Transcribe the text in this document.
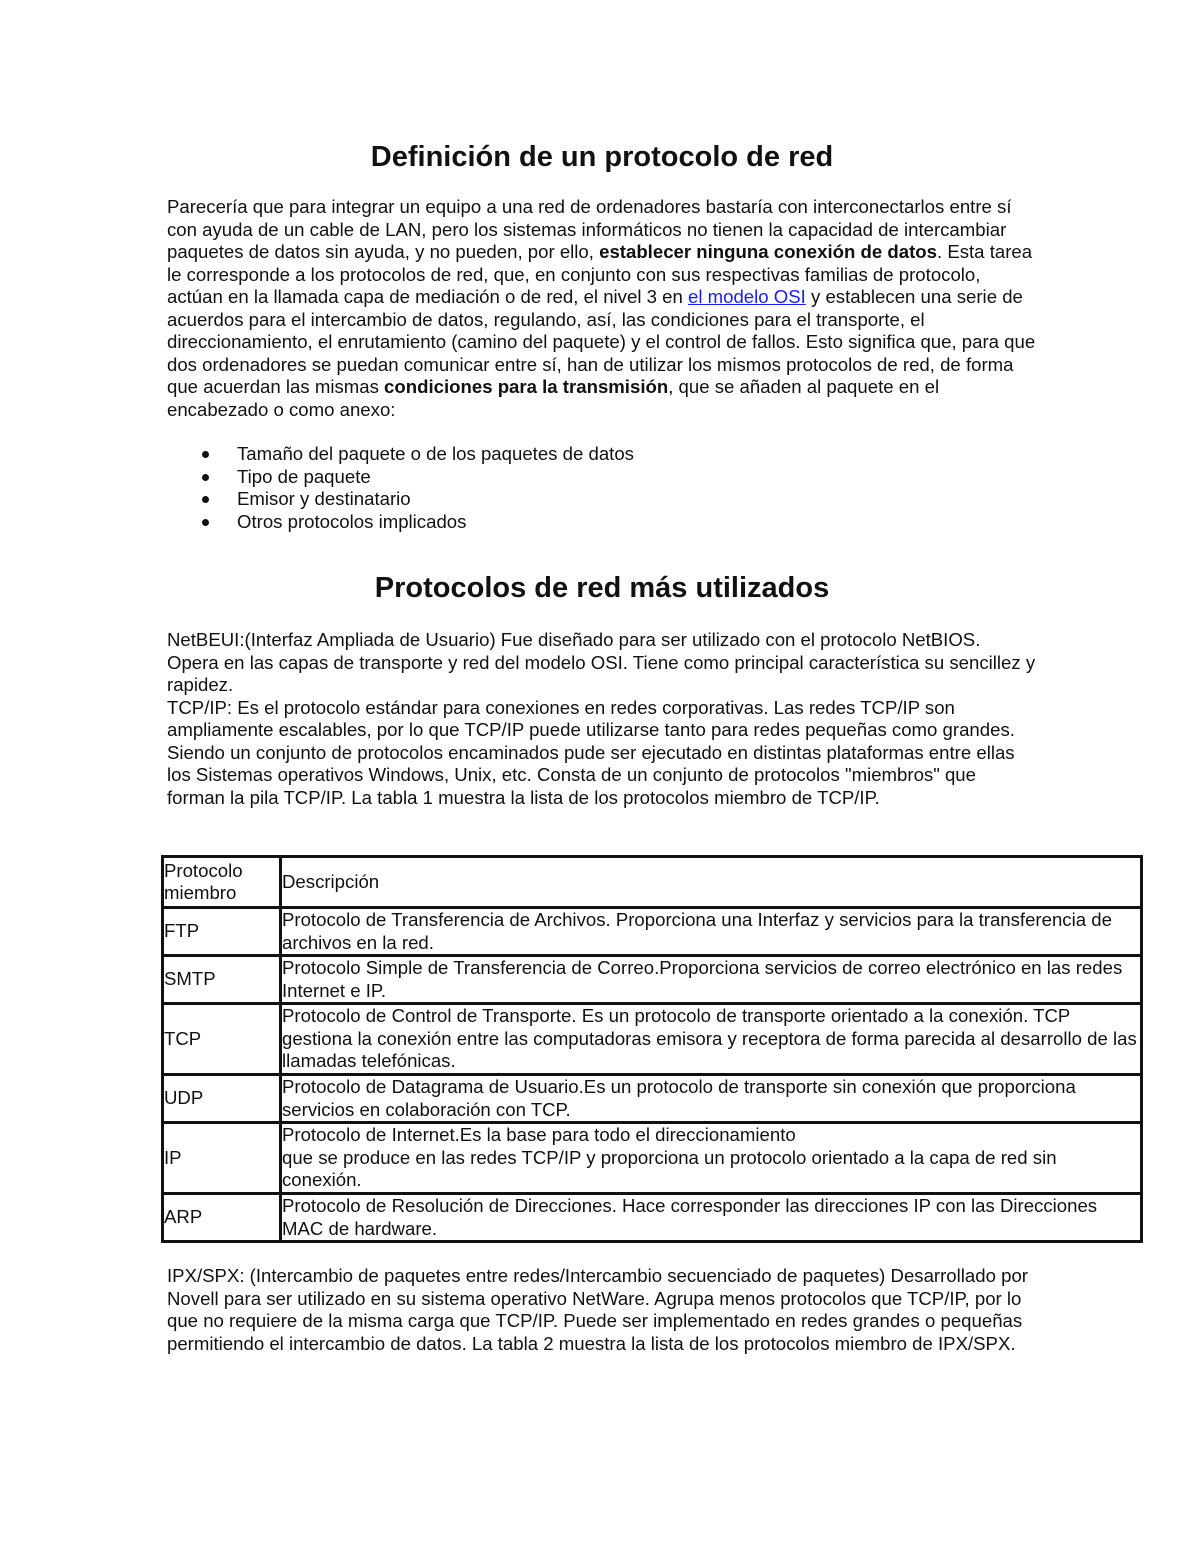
Definición de un protocolo de red

Parecería que para integrar un equipo a una red de ordenadores bastaría con interconectarlos entre sí con ayuda de un cable de LAN, pero los sistemas informáticos no tienen la capacidad de intercambiar paquetes de datos sin ayuda, y no pueden, por ello, establecer ninguna conexión de datos. Esta tarea le corresponde a los protocolos de red, que, en conjunto con sus respectivas familias de protocolo, actúan en la llamada capa de mediación o de red, el nivel 3 en el modelo OSI y establecen una serie de acuerdos para el intercambio de datos, regulando, así, las condiciones para el transporte, el direccionamiento, el enrutamiento (camino del paquete) y el control de fallos. Esto significa que, para que dos ordenadores se puedan comunicar entre sí, han de utilizar los mismos protocolos de red, de forma que acuerdan las mismas condiciones para la transmisión, que se añaden al paquete en el encabezado o como anexo:

Tamaño del paquete o de los paquetes de datos
Tipo de paquete
Emisor y destinatario
Otros protocolos implicados
Protocolos de red más utilizados

NetBEUI:(Interfaz Ampliada de Usuario) Fue diseñado para ser utilizado con el protocolo NetBIOS. Opera en las capas de transporte y red del modelo OSI. Tiene como principal característica su sencillez y rapidez.

TCP/IP: Es el protocolo estándar para conexiones en redes corporativas. Las redes TCP/IP son ampliamente escalables, por lo que TCP/IP puede utilizarse tanto para redes pequeñas como grandes. Siendo un conjunto de protocolos encaminados pude ser ejecutado en distintas plataformas entre ellas los Sistemas operativos Windows, Unix, etc. Consta de un conjunto de protocolos "miembros" que forman la pila TCP/IP. La tabla 1 muestra la lista de los protocolos miembro de TCP/IP.

Protocolo miembro	Descripción
FTP	Protocolo de Transferencia de Archivos. Proporciona una Interfaz y servicios para la transferencia de archivos en la red.
SMTP	Protocolo Simple de Transferencia de Correo.Proporciona servicios de correo electrónico en las redes Internet e IP.
TCP	Protocolo de Control de Transporte. Es un protocolo de transporte orientado a la conexión. TCP gestiona la conexión entre las computadoras emisora y receptora de forma parecida al desarrollo de las llamadas telefónicas.
UDP	Protocolo de Datagrama de Usuario.Es un protocolo de transporte sin conexión que proporciona servicios en colaboración con TCP.
IP	Protocolo de Internet.Es la base para todo el direccionamiento
que se produce en las redes TCP/IP y proporciona un protocolo orientado a la capa de red sin conexión.
ARP	Protocolo de Resolución de Direcciones. Hace corresponder las direcciones IP con las Direcciones MAC de hardware.

IPX/SPX: (Intercambio de paquetes entre redes/Intercambio secuenciado de paquetes) Desarrollado por Novell para ser utilizado en su sistema operativo NetWare. Agrupa menos protocolos que TCP/IP, por lo que no requiere de la misma carga que TCP/IP. Puede ser implementado en redes grandes o pequeñas permitiendo el intercambio de datos. La tabla 2 muestra la lista de los protocolos miembro de IPX/SPX.
